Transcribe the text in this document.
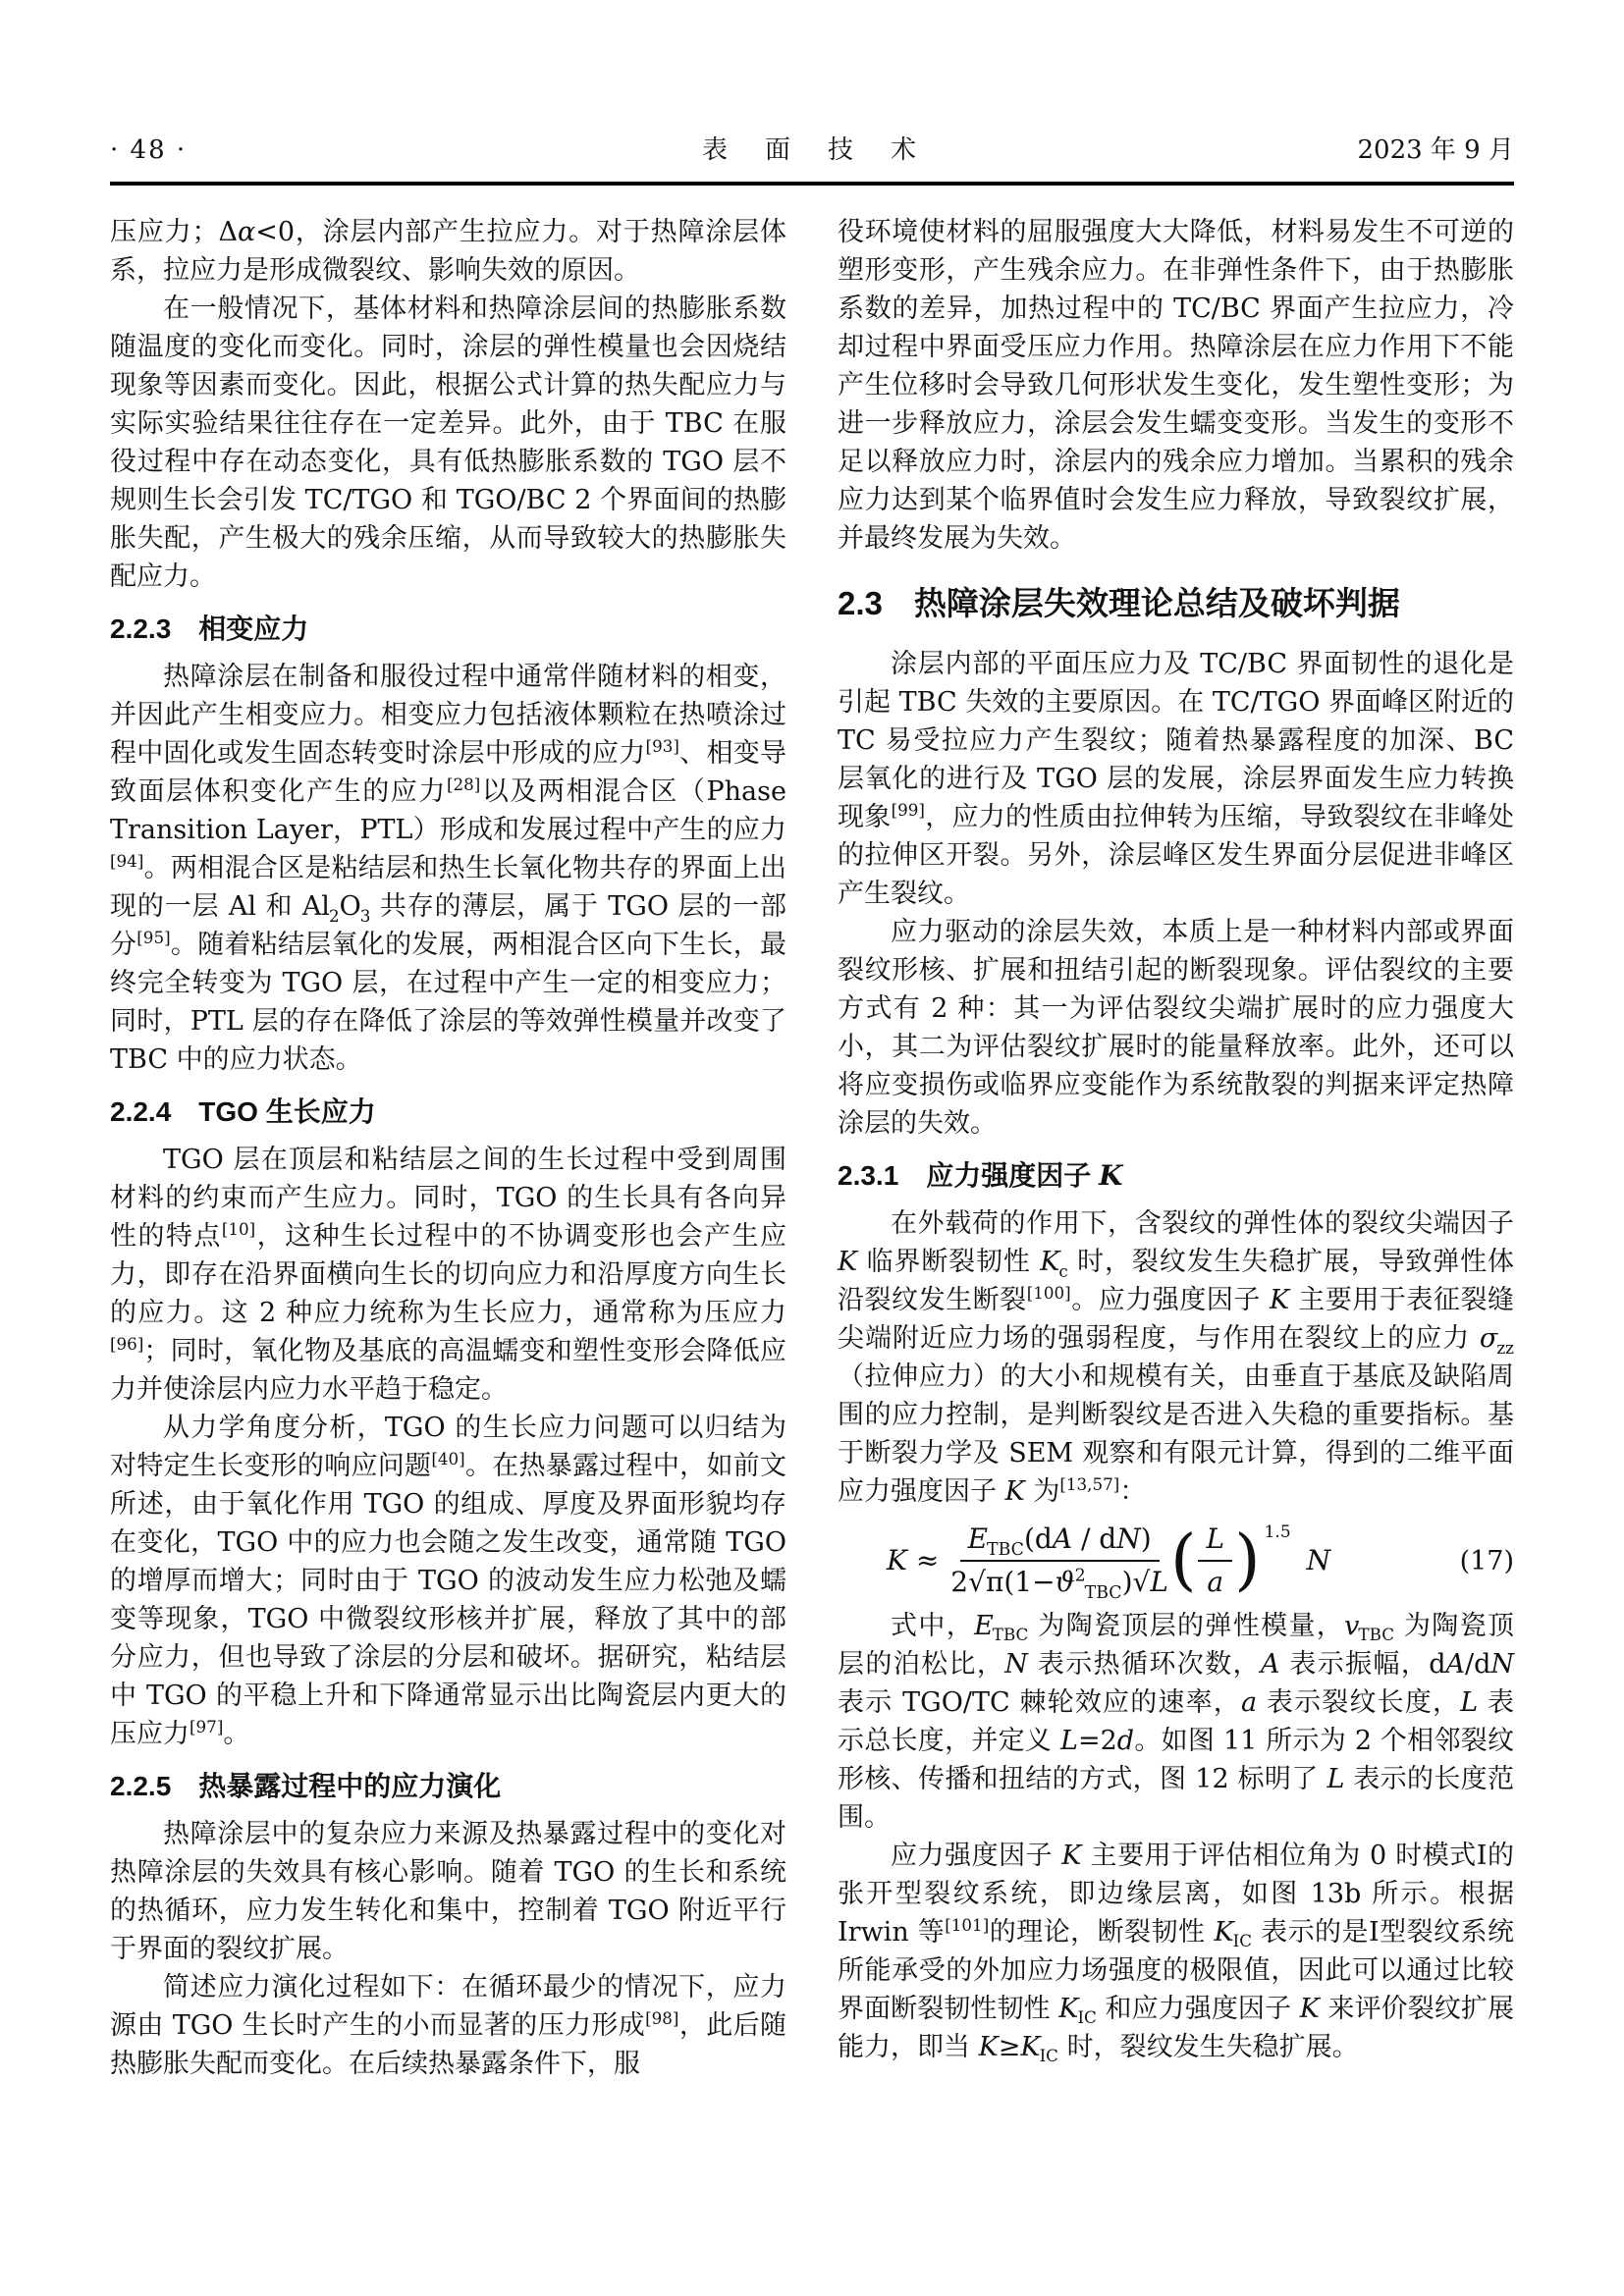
· 48 ·	表　面　技　术	2023 年 9 月

压应力；Δα<0，涂层内部产生拉应力。对于热障涂层体系，拉应力是形成微裂纹、影响失效的原因。

在一般情况下，基体材料和热障涂层间的热膨胀系数随温度的变化而变化。同时，涂层的弹性模量也会因烧结现象等因素而变化。因此，根据公式计算的热失配应力与实际实验结果往往存在一定差异。此外，由于 TBC 在服役过程中存在动态变化，具有低热膨胀系数的 TGO 层不规则生长会引发 TC/TGO 和 TGO/BC 2 个界面间的热膨胀失配，产生极大的残余压缩，从而导致较大的热膨胀失配应力。

2.2.3 相变应力

热障涂层在制备和服役过程中通常伴随材料的相变，并因此产生相变应力。相变应力包括液体颗粒在热喷涂过程中固化或发生固态转变时涂层中形成的应力[93]、相变导致面层体积变化产生的应力[28]以及两相混合区（Phase Transition Layer，PTL）形成和发展过程中产生的应力[94]。两相混合区是粘结层和热生长氧化物共存的界面上出现的一层 Al 和 $Al_2O_3$ 共存的薄层，属于 TGO 层的一部分[95]。随着粘结层氧化的发展，两相混合区向下生长，最终完全转变为 TGO 层，在过程中产生一定的相变应力；同时，PTL 层的存在降低了涂层的等效弹性模量并改变了 TBC 中的应力状态。

2.2.4 TGO 生长应力

TGO 层在顶层和粘结层之间的生长过程中受到周围材料的约束而产生应力。同时，TGO 的生长具有各向异性的特点[10]，这种生长过程中的不协调变形也会产生应力，即存在沿界面横向生长的切向应力和沿厚度方向生长的应力。这 2 种应力统称为生长应力，通常称为压应力[96]；同时，氧化物及基底的高温蠕变和塑性变形会降低应力并使涂层内应力水平趋于稳定。

从力学角度分析，TGO 的生长应力问题可以归结为对特定生长变形的响应问题[40]。在热暴露过程中，如前文所述，由于氧化作用 TGO 的组成、厚度及界面形貌均存在变化，TGO 中的应力也会随之发生改变，通常随 TGO 的增厚而增大；同时由于 TGO 的波动发生应力松弛及蠕变等现象，TGO 中微裂纹形核并扩展，释放了其中的部分应力，但也导致了涂层的分层和破坏。据研究，粘结层中 TGO 的平稳上升和下降通常显示出比陶瓷层内更大的压应力[97]。

2.2.5 热暴露过程中的应力演化

热障涂层中的复杂应力来源及热暴露过程中的变化对热障涂层的失效具有核心影响。随着 TGO 的生长和系统的热循环，应力发生转化和集中，控制着 TGO 附近平行于界面的裂纹扩展。

简述应力演化过程如下：在循环最少的情况下，应力源由 TGO 生长时产生的小而显著的压力形成[98]，此后随热膨胀失配而变化。在后续热暴露条件下，服

役环境使材料的屈服强度大大降低，材料易发生不可逆的塑形变形，产生残余应力。在非弹性条件下，由于热膨胀系数的差异，加热过程中的 TC/BC 界面产生拉应力，冷却过程中界面受压应力作用。热障涂层在应力作用下不能产生位移时会导致几何形状发生变化，发生塑性变形；为进一步释放应力，涂层会发生蠕变变形。当发生的变形不足以释放应力时，涂层内的残余应力增加。当累积的残余应力达到某个临界值时会发生应力释放，导致裂纹扩展，并最终发展为失效。

2.3 热障涂层失效理论总结及破坏判据

涂层内部的平面压应力及 TC/BC 界面韧性的退化是引起 TBC 失效的主要原因。在 TC/TGO 界面峰区附近的 TC 易受拉应力产生裂纹；随着热暴露程度的加深、BC 层氧化的进行及 TGO 层的发展，涂层界面发生应力转换现象[99]，应力的性质由拉伸转为压缩，导致裂纹在非峰处的拉伸区开裂。另外，涂层峰区发生界面分层促进非峰区产生裂纹。

应力驱动的涂层失效，本质上是一种材料内部或界面裂纹形核、扩展和扭结引起的断裂现象。评估裂纹的主要方式有 2 种：其一为评估裂纹尖端扩展时的应力强度大小，其二为评估裂纹扩展时的能量释放率。此外，还可以将应变损伤或临界应变能作为系统散裂的判据来评定热障涂层的失效。

2.3.1 应力强度因子 K

在外载荷的作用下，含裂纹的弹性体的裂纹尖端因子 K 临界断裂韧性 $K_c$ 时，裂纹发生失稳扩展，导致弹性体沿裂纹发生断裂[100]。应力强度因子 K 主要用于表征裂缝尖端附近应力场的强弱程度，与作用在裂纹上的应力 $\sigma_{zz}$（拉伸应力）的大小和规模有关，由垂直于基底及缺陷周围的应力控制，是判断裂纹是否进入失稳的重要指标。基于断裂力学及 SEM 观察和有限元计算，得到的二维平面应力强度因子 K 为[13,57]：

$K \approx \frac{E_{TBC}(dA / dN)}{2√\pi(1-ϑ^2_{TBC})√L}$ ( $\frac{L}{a}$ ) 1.5
N	(17)

式中，$E_{TBC}$ 为陶瓷顶层的弹性模量，$v_{TBC}$ 为陶瓷顶层的泊松比，N 表示热循环次数，A 表示振幅，dA/dN 表示 TGO/TC 棘轮效应的速率，a 表示裂纹长度，L 表示总长度，并定义 L=2d。如图 11 所示为 2 个相邻裂纹形核、传播和扭结的方式，图 12 标明了 L 表示的长度范围。

应力强度因子 K 主要用于评估相位角为 0 时模式Ⅰ的张开型裂纹系统，即边缘层离，如图 13b 所示。根据 Irwin 等[101]的理论，断裂韧性 $K_{IC}$ 表示的是Ⅰ型裂纹系统所能承受的外加应力场强度的极限值，因此可以通过比较界面断裂韧性韧性 $K_{IC}$ 和应力强度因子 K 来评价裂纹扩展能力，即当 $K\ge K_{IC}$ 时，裂纹发生失稳扩展。
